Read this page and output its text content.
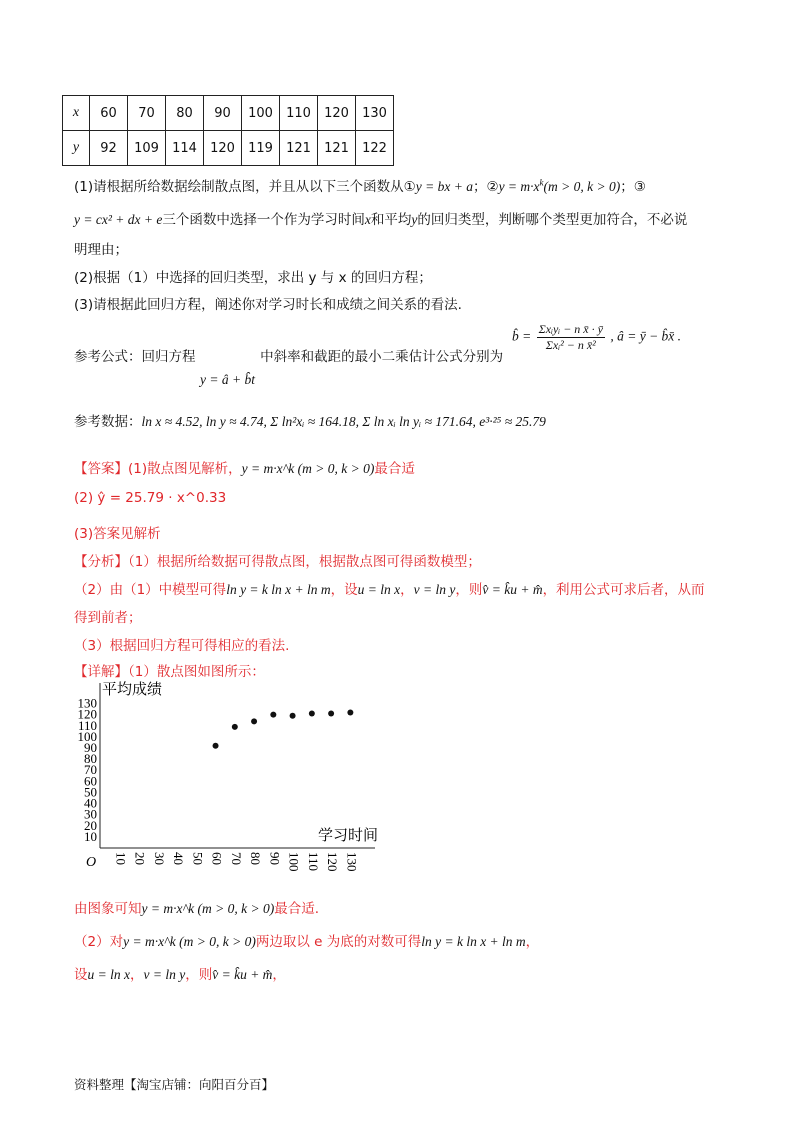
x	60	70	80	90	100	110	120	130
y	92	109	114	120	119	121	121	122
(1)请根据所给数据绘制散点图，并且从以下三个函数从①y = bx + a；②y = $m\cdot x^k(m > 0$, k > 0)；③
y = cx² + dx + e三个函数中选择一个作为学习时间x和平均y的回归类型，判断哪个类型更加符合，不必说
明理由；
(2)根据（1）中选择的回归类型，求出 y 与 x 的回归方程；
(3)请根据此回归方程，阐述你对学习时长和成绩之间关系的看法.
参考公式：回归方程	中斜率和截距的最小二乘估计公式分别为
y = â + b̂t
b̂ = $\frac{\text{Σxᵢyᵢ − n x̄ · ȳ}}{\text{Σxᵢ² − n x̄²}}$ , â = ȳ − b̂x̄ .
参考数据：ln x ≈ 4.52, ln y ≈ 4.74, Σ ln²xᵢ ≈ 164.18, Σ ln xᵢ ln yᵢ ≈ 171.64, e³·²⁵ ≈ 25.79
【答案】(1)散点图见解析，y = m·x^k (m > 0, k > 0)最合适
(2) ŷ = 25.79 · x^0.33
(3)答案见解析
【分析】（1）根据所给数据可得散点图，根据散点图可得函数模型；
（2）由（1）中模型可得ln y = k ln x + ln m，设u = ln x，v = ln y，则v̂ = k̂u + m̂，利用公式可求后者，从而
得到前者；
（3）根据回归方程可得相应的看法.
【详解】（1）散点图如图所示：
10
20
30
40
50
60
70
80
90
100
110
120
130
10 20 30 40 50 60 70 80 90 100 110 120 130
O
平均成绩
学习时间
由图象可知y = m·x^k (m > 0, k > 0)最合适.
（2）对y = m·x^k (m > 0, k > 0)两边取以 e 为底的对数可得ln y = k ln x + ln m，
设u = ln x，v = ln y，则v̂ = k̂u + m̂，
资料整理【淘宝店铺：向阳百分百】
